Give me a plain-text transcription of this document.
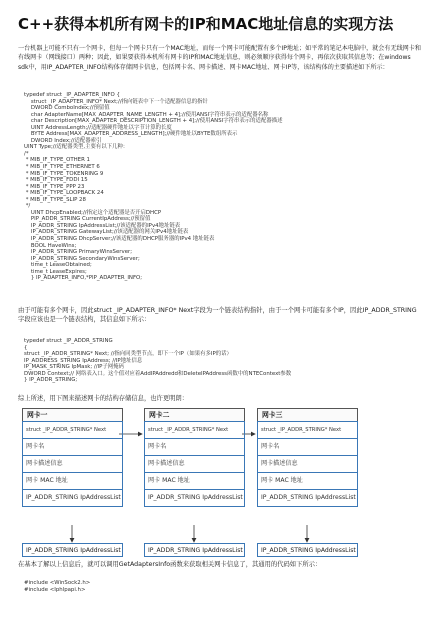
C++获得本机所有网卡的IP和MAC地址信息的实现方法
一台机器上可能不只有一个网卡，但每一个网卡只有一个MAC地址，而每一个网卡可能配置有多个IP地址；如平常的笔记本电脑中，就会有无线网卡和有线网卡（网线接口）两种；因此，如果要获得本机所有网卡的IP和MAC地址信息，则必须顺序获得每个网卡，再依次获取其信息等；在windows sdk中，用IP_ADAPTER_INFO结构体存储网卡信息，包括网卡名、网卡描述、网卡MAC地址、网卡IP等，该结构体的主要描述如下所示：
typedef struct _IP_ADAPTER_INFO {
struct _IP_ADAPTER_INFO* Next;//指向链表中下一个适配器信息的指针
DWORD ComboIndex;//预留值
char AdapterName[MAX_ADAPTER_NAME_LENGTH + 4];//使用ANSI字符串表示的适配器名称
char Description[MAX_ADAPTER_DESCRIPTION_LENGTH + 4];//使用ANSI字符串表示的适配器描述
UINT AddressLength;//适配器硬件地址以字节计算的长度
BYTE Address[MAX_ADAPTER_ADDRESS_LENGTH];//硬件地址以BYTE数组所表示
DWORD Index;//适配器索引
UINT Type;//适配器类型,主要有以下几种：
/*
* MIB_IF_TYPE_OTHER 1
* MIB_IF_TYPE_ETHERNET 6
* MIB_IF_TYPE_TOKENRING 9
* MIB_IF_TYPE_FDDI 15
* MIB_IF_TYPE_PPP 23
* MIB_IF_TYPE_LOOPBACK 24
* MIB_IF_TYPE_SLIP 28
*/
UINT DhcpEnabled;//指定这个适配器是否开启DHCP
PIP_ADDR_STRING CurrentIpAddress;//预留值
IP_ADDR_STRING IpAddressList;//该适配器的IPv4地址链表
IP_ADDR_STRING GatewayList;//该适配器的网关IPv4地址链表
IP_ADDR_STRING DhcpServer;//该适配器的DHCP服务器的IPv4 地址链表
BOOL HaveWins;
IP_ADDR_STRING PrimaryWinsServer;
IP_ADDR_STRING SecondaryWinsServer;
time_t LeaseObtained;
time_t LeaseExpires;
} IP_ADAPTER_INFO,*PIP_ADAPTER_INFO;
由于可能有多个网卡，因此struct _IP_ADAPTER_INFO* Next字段为一个链表结构指针，由于一个网卡可能有多个IP，因此IP_ADDR_STRING字段应该也是一个链表结构，其信息如下所示：
typedef struct _IP_ADDR_STRING
{
struct _IP_ADDR_STRING* Next; //指向同类型节点，即下一个IP（如果有多IP的话）
IP_ADDRESS_STRING IpAddress; //IP地址信息
IP_MASK_STRING IpMask; //IP子网掩码
DWORD Context;// 网络表入口。这个值对应着AddIPAddredd和DeleteIPAddress函数中的NTEContext参数
} IP_ADDR_STRING;
综上所述，用下图来描述网卡的结构存储信息，也许更明朗：
网卡一
struct _IP_ADDR_STRING* Next
网卡名
网卡描述信息
网卡 MAC 地址
IP_ADDR_STRING IpAddressList
IP_ADDR_STRING IpAddressList
网卡二
struct _IP_ADDR_STRING* Next
网卡名
网卡描述信息
网卡 MAC 地址
IP_ADDR_STRING IpAddressList
IP_ADDR_STRING IpAddressList
网卡三
struct _IP_ADDR_STRING* Next
网卡名
网卡描述信息
网卡 MAC 地址
IP_ADDR_STRING IpAddressList
IP_ADDR_STRING IpAddressList
在基本了解以上信息后，就可以调用GetAdaptersInfo函数来获取相关网卡信息了，其通用的代码如下所示：
#include <WinSock2.h>
#include <Iphlpapi.h>
